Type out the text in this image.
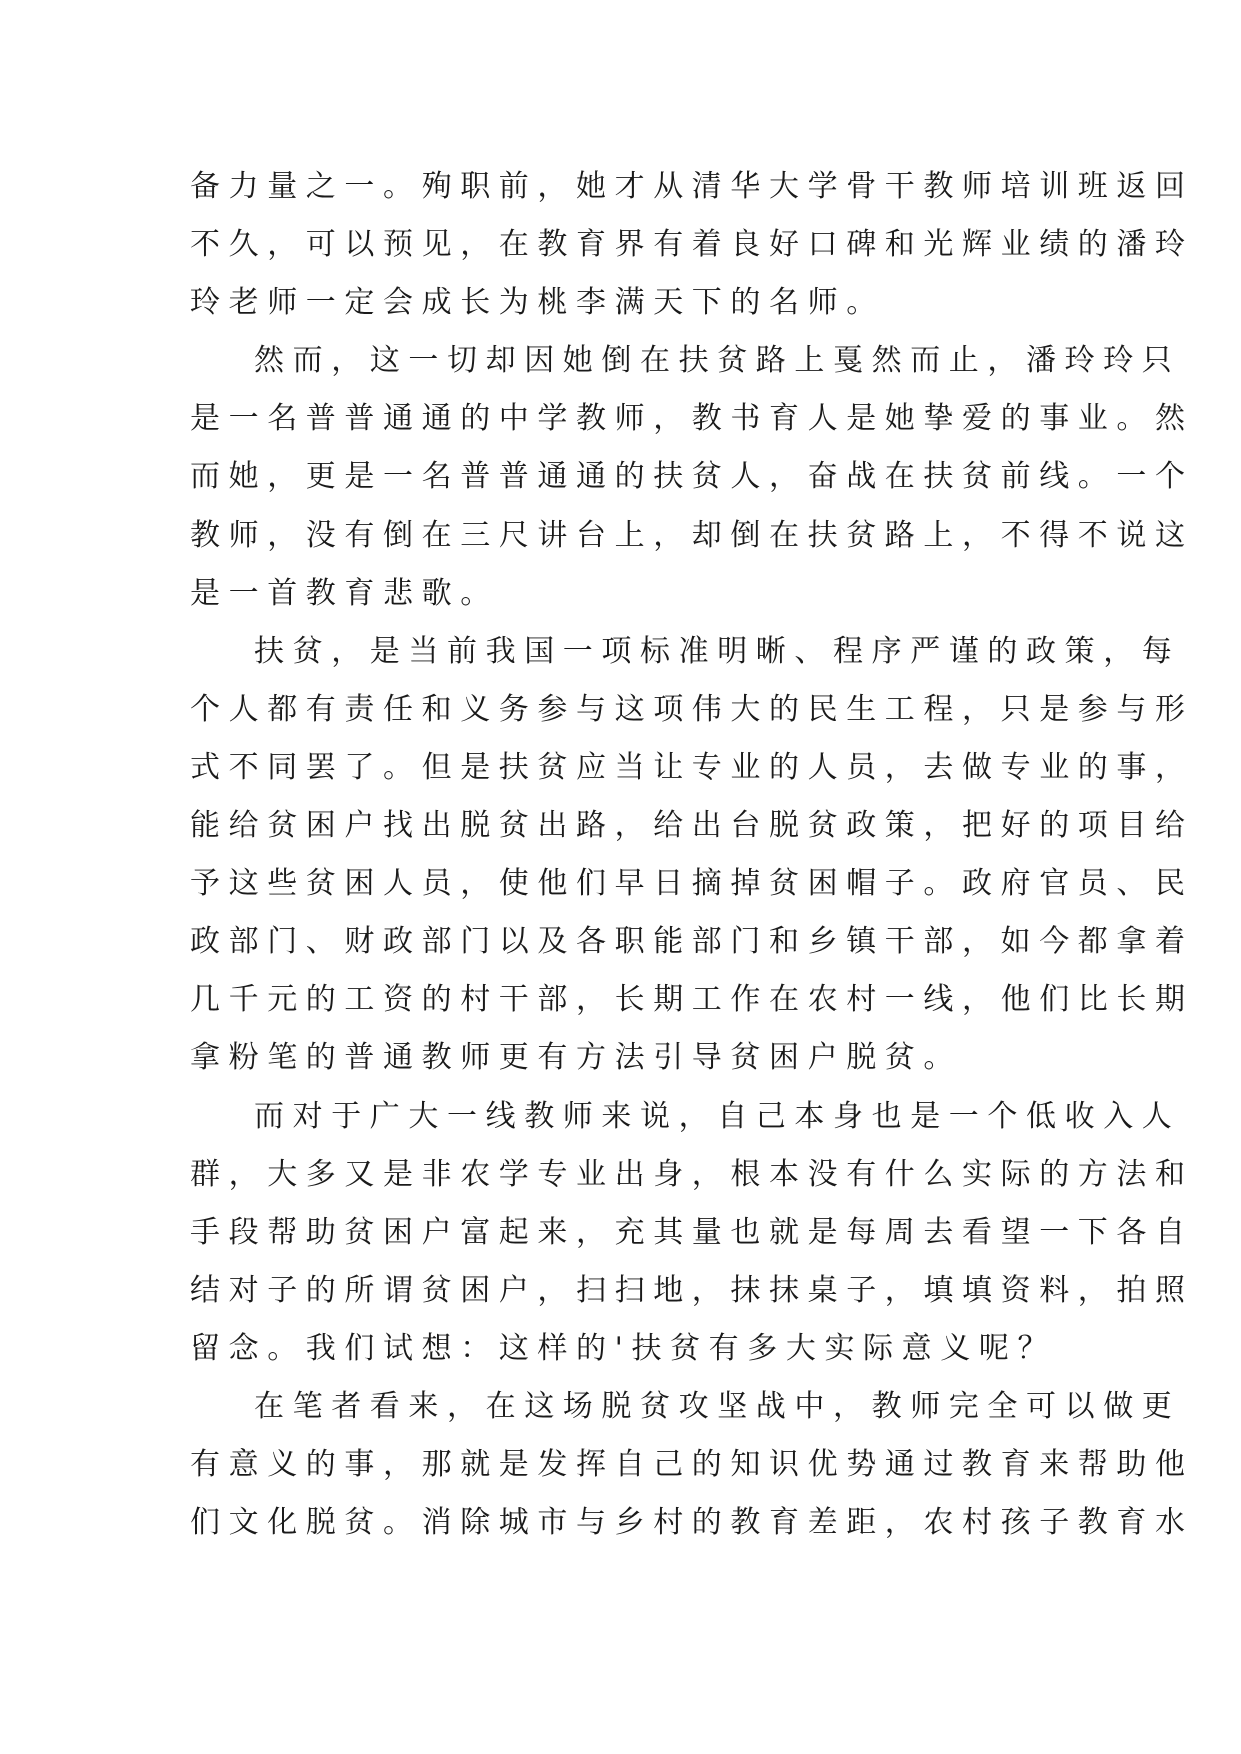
备力量之一。殉职前，她才从清华大学骨干教师培训班返回
不久，可以预见，在教育界有着良好口碑和光辉业绩的潘玲
玲老师一定会成长为桃李满天下的名师。
然而，这一切却因她倒在扶贫路上戛然而止，潘玲玲只
是一名普普通通的中学教师，教书育人是她挚爱的事业。然
而她，更是一名普普通通的扶贫人，奋战在扶贫前线。一个
教师，没有倒在三尺讲台上，却倒在扶贫路上，不得不说这
是一首教育悲歌。
扶贫，是当前我国一项标准明晰、程序严谨的政策，每
个人都有责任和义务参与这项伟大的民生工程，只是参与形
式不同罢了。但是扶贫应当让专业的人员，去做专业的事，
能给贫困户找出脱贫出路，给出台脱贫政策，把好的项目给
予这些贫困人员，使他们早日摘掉贫困帽子。政府官员、民
政部门、财政部门以及各职能部门和乡镇干部，如今都拿着
几千元的工资的村干部，长期工作在农村一线，他们比长期
拿粉笔的普通教师更有方法引导贫困户脱贫。
而对于广大一线教师来说，自己本身也是一个低收入人
群，大多又是非农学专业出身，根本没有什么实际的方法和
手段帮助贫困户富起来，充其量也就是每周去看望一下各自
结对子的所谓贫困户，扫扫地，抹抹桌子，填填资料，拍照
留念。我们试想：这样的'扶贫有多大实际意义呢？
在笔者看来，在这场脱贫攻坚战中，教师完全可以做更
有意义的事，那就是发挥自己的知识优势通过教育来帮助他
们文化脱贫。消除城市与乡村的教育差距，农村孩子教育水
